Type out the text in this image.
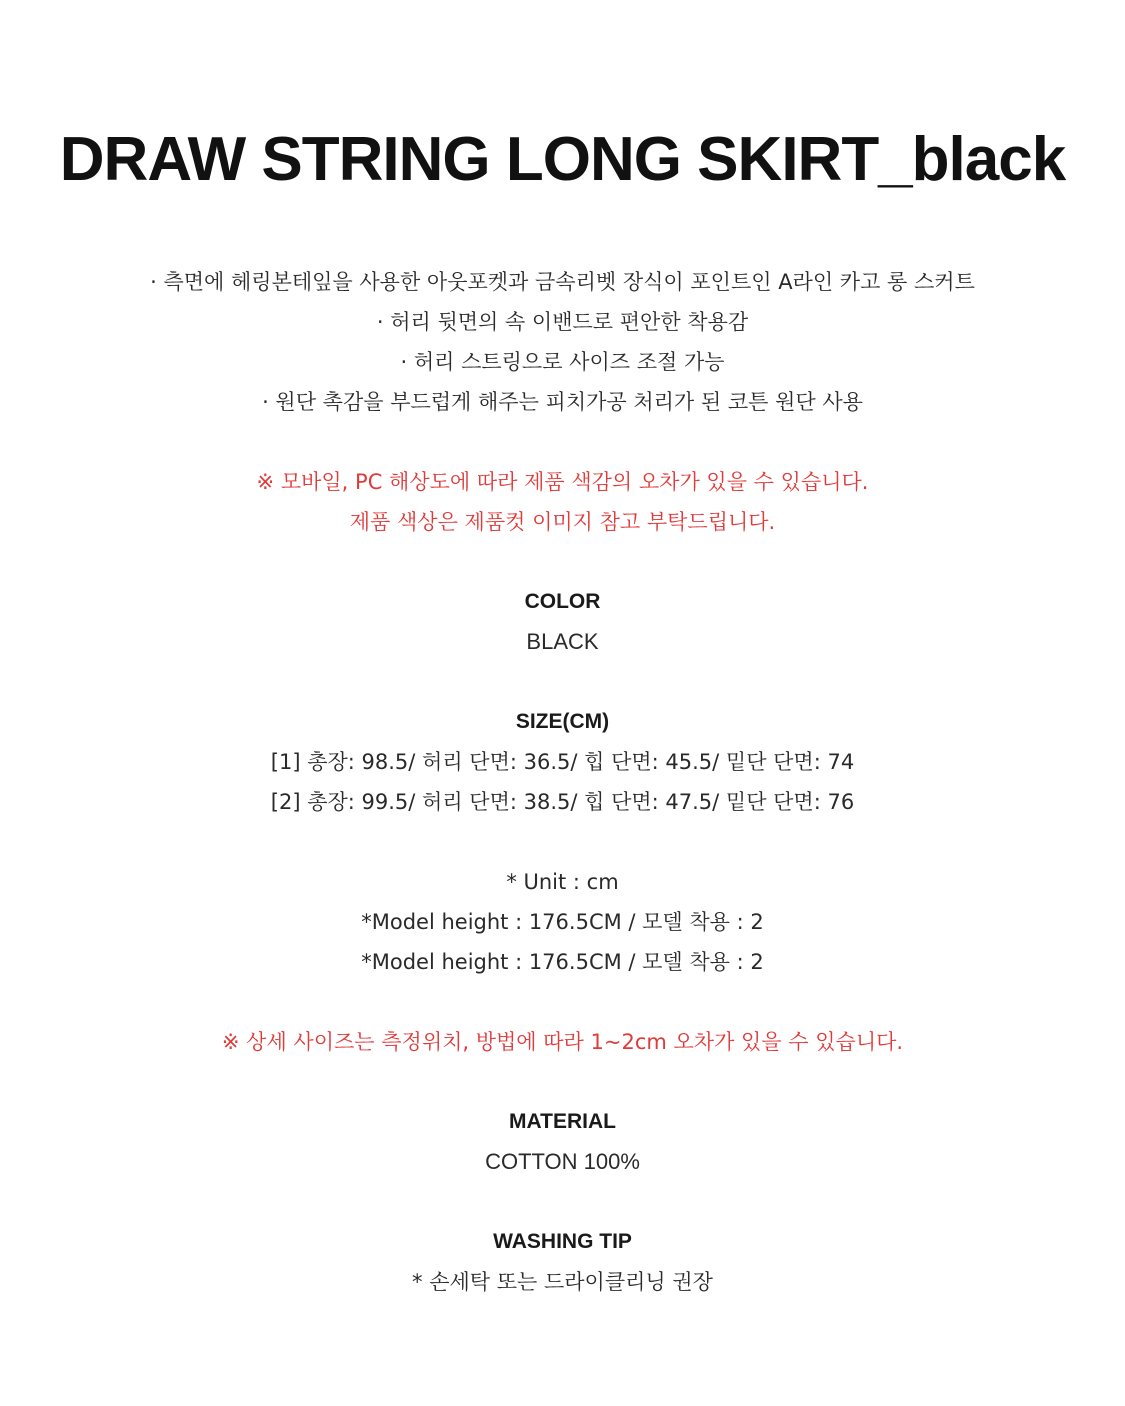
DRAW STRING LONG SKIRT_black
· 측면에 헤링본테잎을 사용한 아웃포켓과 금속리벳 장식이 포인트인 A라인 카고 롱 스커트
· 허리 뒷면의 속 이밴드로 편안한 착용감
· 허리 스트링으로 사이즈 조절 가능
· 원단 촉감을 부드럽게 해주는 피치가공 처리가 된 코튼 원단 사용
※ 모바일, PC 해상도에 따라 제품 색감의 오차가 있을 수 있습니다.
제품 색상은 제품컷 이미지 참고 부탁드립니다.
COLOR
BLACK
SIZE(CM)
[1] 총장: 98.5/ 허리 단면: 36.5/ 힙 단면: 45.5/ 밑단 단면: 74
[2] 총장: 99.5/ 허리 단면: 38.5/ 힙 단면: 47.5/ 밑단 단면: 76
* Unit : cm
*Model height : 176.5CM / 모델 착용 : 2
*Model height : 176.5CM / 모델 착용 : 2
※ 상세 사이즈는 측정위치, 방법에 따라 1~2cm 오차가 있을 수 있습니다.
MATERIAL
COTTON 100%
WASHING TIP
* 손세탁 또는 드라이클리닝 권장
